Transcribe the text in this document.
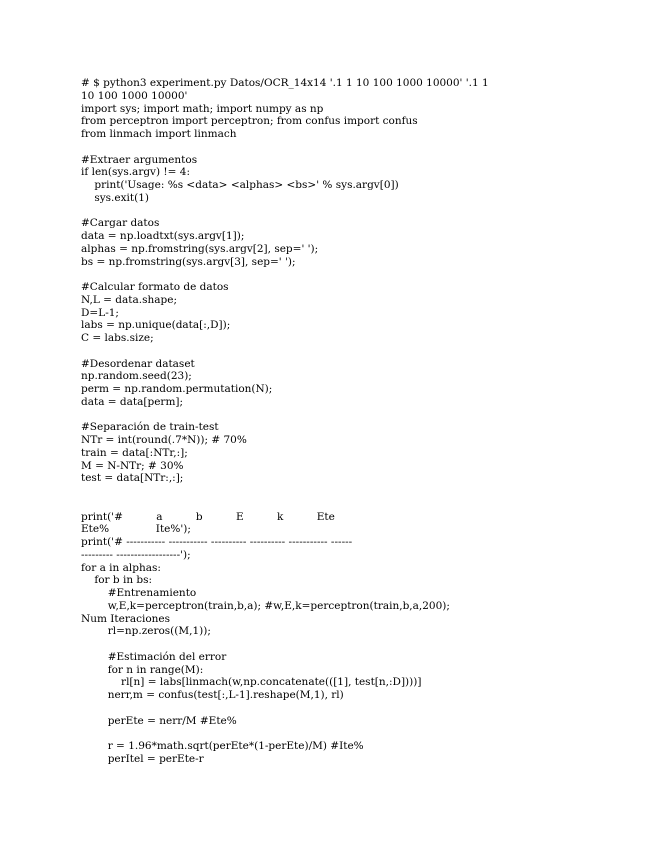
# $ python3 experiment.py Datos/OCR_14x14 '.1 1 10 100 1000 10000' '.1 1
10 100 1000 10000'
import sys; import math; import numpy as np
from perceptron import perceptron; from confus import confus
from linmach import linmach
#Extraer argumentos
if len(sys.argv) != 4:
print('Usage: %s <data> <alphas> <bs>' % sys.argv[0])
sys.exit(1)
#Cargar datos
data = np.loadtxt(sys.argv[1]);
alphas = np.fromstring(sys.argv[2], sep=' ');
bs = np.fromstring(sys.argv[3], sep=' ');
#Calcular formato de datos
N,L = data.shape;
D=L-1;
labs = np.unique(data[:,D]);
C = labs.size;
#Desordenar dataset
np.random.seed(23);
perm = np.random.permutation(N);
data = data[perm];
#Separación de train-test
NTr = int(round(.7*N)); # 70%
train = data[:NTr,:];
M = N-NTr; # 30%
test = data[NTr:,:];
print('#          a          b          E          k          Ete
Ete%              Ite%');
print('# ----------- ----------- ---------- ---------- ----------- ------
--------- ------------------');
for a in alphas:
for b in bs:
#Entrenamiento
w,E,k=perceptron(train,b,a); #w,E,k=perceptron(train,b,a,200);
Num Iteraciones
rl=np.zeros((M,1));
#Estimación del error
for n in range(M):
rl[n] = labs[linmach(w,np.concatenate(([1], test[n,:D])))]
nerr,m = confus(test[:,L-1].reshape(M,1), rl)
perEte = nerr/M #Ete%
r = 1.96*math.sqrt(perEte*(1-perEte)/M) #Ite%
perItel = perEte-r
